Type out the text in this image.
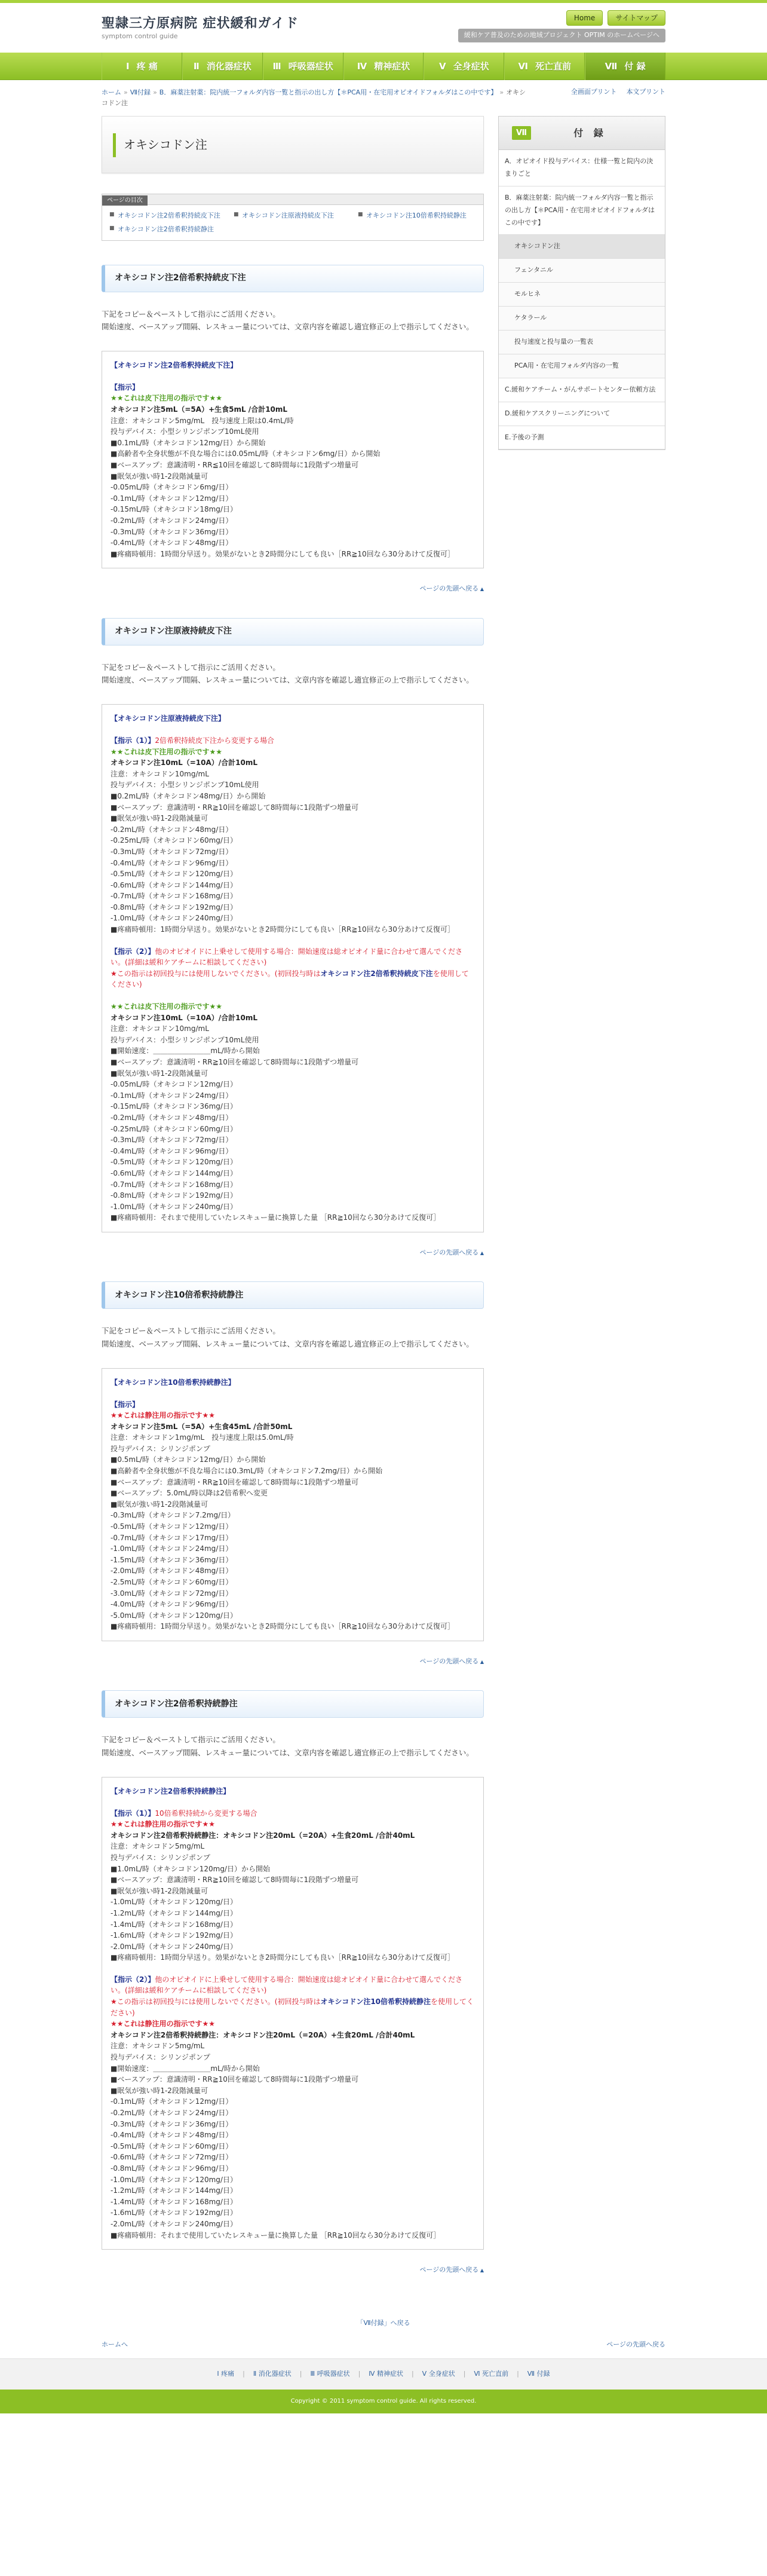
聖隷三方原病院 症状緩和ガイド
symptom control guide
Home	サイトマップ
緩和ケア普及のための地域プロジェクト OPTIM のホームページへ
Ⅰ 疼 痛	Ⅱ 消化器症状 Ⅲ 呼吸器症状	Ⅳ 精神症状	Ⅴ 全身症状	Ⅵ 死亡直前	Ⅶ 付 録
ホーム » Ⅶ付録 » B．麻薬注射薬：院内統一フォルダ内容一覧と指示の出し方【＊PCA用・在宅用オピオイドフォルダはこの中です】 » オキシコドン注
全画面プリント 本文プリント
オキシコドン注
ページの目次
■ オキシコドン注2倍希釈持続皮下注	■ オキシコドン注原液持続皮下注	■ オキシコドン注10倍希釈持続静注
■ オキシコドン注2倍希釈持続静注
オキシコドン注2倍希釈持続皮下注
下記をコピー＆ペーストして指示にご活用ください。
開始速度、ベースアップ間隔、レスキュー量については、文章内容を確認し適宜修正の上で指示してください。
【オキシコドン注2倍希釈持続皮下注】
【指示】
★★これは皮下注用の指示です★★
オキシコドン注5mL（=5A）+生食5mL /合計10mL
注意：オキシコドン5mg/mL　投与速度上限は0.4mL/時
投与デバイス：小型シリンジポンプ10mL使用
■0.1mL/時（オキシコドン12mg/日）から開始
■高齢者や全身状態が不良な場合には0.05mL/時（オキシコドン6mg/日）から開始
■ベースアップ：意識清明・RR≦10回を確認して8時間毎に1段階ずつ増量可
■眠気が強い時1-2段階減量可
-0.05mL/時（オキシコドン6mg/日）
-0.1mL/時（オキシコドン12mg/日）
-0.15mL/時（オキシコドン18mg/日）
-0.2mL/時（オキシコドン24mg/日）
-0.3mL/時（オキシコドン36mg/日）
-0.4mL/時（オキシコドン48mg/日）
■疼痛時頓用：1時間分早送り。効果がないとき2時間分にしても良い［RR≧10回なら30分あけて反復可］
ページの先頭へ戻る ▲
オキシコドン注原液持続皮下注
下記をコピー＆ペーストして指示にご活用ください。
開始速度、ベースアップ間隔、レスキュー量については、文章内容を確認し適宜修正の上で指示してください。
【オキシコドン注原液持続皮下注】
【指示（1）】2倍希釈持続皮下注から変更する場合
★★これは皮下注用の指示です★★
オキシコドン注10mL（=10A）/合計10mL
注意：オキシコドン10mg/mL
投与デバイス：小型シリンジポンプ10mL使用
■0.2mL/時（オキシコドン48mg/日）から開始
■ベースアップ：意識清明・RR≧10回を確認して8時間毎に1段階ずつ増量可
■眠気が強い時1-2段階減量可
-0.2mL/時（オキシコドン48mg/日）
-0.25mL/時（オキシコドン60mg/日）
-0.3mL/時（オキシコドン72mg/日）
-0.4mL/時（オキシコドン96mg/日）
-0.5mL/時（オキシコドン120mg/日）
-0.6mL/時（オキシコドン144mg/日）
-0.7mL/時（オキシコドン168mg/日）
-0.8mL/時（オキシコドン192mg/日）
-1.0mL/時（オキシコドン240mg/日）
■疼痛時頓用：1時間分早送り。効果がないとき2時間分にしても良い［RR≧10回なら30分あけて反復可］
【指示（2）】他のオピオイドに上乗せして使用する場合：開始速度は総オピオイド量に合わせて選んでください。(詳細は緩和ケアチームに相談してください)
★この指示は初回投与には使用しないでください。(初回投与時はオキシコドン注2倍希釈持続皮下注を使用してください)
★★これは皮下注用の指示です★★
オキシコドン注10mL（=10A）/合計10mL
注意：オキシコドン10mg/mL
投与デバイス：小型シリンジポンプ10mL使用
■開始速度：＿＿＿＿＿＿＿＿mL/時から開始
■ベースアップ：意識清明・RR≧10回を確認して8時間毎に1段階ずつ増量可
■眠気が強い時1-2段階減量可
-0.05mL/時（オキシコドン12mg/日）
-0.1mL/時（オキシコドン24mg/日）
-0.15mL/時（オキシコドン36mg/日）
-0.2mL/時（オキシコドン48mg/日）
-0.25mL/時（オキシコドン60mg/日）
-0.3mL/時（オキシコドン72mg/日）
-0.4mL/時（オキシコドン96mg/日）
-0.5mL/時（オキシコドン120mg/日）
-0.6mL/時（オキシコドン144mg/日）
-0.7mL/時（オキシコドン168mg/日）
-0.8mL/時（オキシコドン192mg/日）
-1.0mL/時（オキシコドン240mg/日）
■疼痛時頓用：それまで使用していたレスキュー量に換算した量 ［RR≧10回なら30分あけて反復可］
ページの先頭へ戻る ▲
オキシコドン注10倍希釈持続静注
下記をコピー＆ペーストして指示にご活用ください。
開始速度、ベースアップ間隔、レスキュー量については、文章内容を確認し適宜修正の上で指示してください。
【オキシコドン注10倍希釈持続静注】
【指示】
★★これは静注用の指示です★★
オキシコドン注5mL（=5A）+生食45mL /合計50mL
注意：オキシコドン1mg/mL　投与速度上限は5.0mL/時
投与デバイス：シリンジポンプ
■0.5mL/時（オキシコドン12mg/日）から開始
■高齢者や全身状態が不良な場合には0.3mL/時（オキシコドン7.2mg/日）から開始
■ベースアップ：意識清明・RR≧10回を確認して8時間毎に1段階ずつ増量可
■ベースアップ：5.0mL/時以降は2倍希釈へ変更
■眠気が強い時1-2段階減量可
-0.3mL/時（オキシコドン7.2mg/日）
-0.5mL/時（オキシコドン12mg/日）
-0.7mL/時（オキシコドン17mg/日）
-1.0mL/時（オキシコドン24mg/日）
-1.5mL/時（オキシコドン36mg/日）
-2.0mL/時（オキシコドン48mg/日）
-2.5mL/時（オキシコドン60mg/日）
-3.0mL/時（オキシコドン72mg/日）
-4.0mL/時（オキシコドン96mg/日）
-5.0mL/時（オキシコドン120mg/日）
■疼痛時頓用：1時間分早送り。効果がないとき2時間分にしても良い［RR≧10回なら30分あけて反復可］
ページの先頭へ戻る ▲
オキシコドン注2倍希釈持続静注
下記をコピー＆ペーストして指示にご活用ください。
開始速度、ベースアップ間隔、レスキュー量については、文章内容を確認し適宜修正の上で指示してください。
【オキシコドン注2倍希釈持続静注】
【指示（1）】10倍希釈持続から変更する場合
★★これは静注用の指示です★★
オキシコドン注2倍希釈持続静注：オキシコドン注20mL（=20A）+生食20mL /合計40mL
注意：オキシコドン5mg/mL
投与デバイス：シリンジポンプ
■1.0mL/時（オキシコドン120mg/日）から開始
■ベースアップ：意識清明・RR≧10回を確認して8時間毎に1段階ずつ増量可
■眠気が強い時1-2段階減量可
-1.0mL/時（オキシコドン120mg/日）
-1.2mL/時（オキシコドン144mg/日）
-1.4mL/時（オキシコドン168mg/日）
-1.6mL/時（オキシコドン192mg/日）
-2.0mL/時（オキシコドン240mg/日）
■疼痛時頓用：1時間分早送り。効果がないとき2時間分にしても良い［RR≧10回なら30分あけて反復可］
【指示（2）】他のオピオイドに上乗せして使用する場合：開始速度は総オピオイド量に合わせて選んでください。(詳細は緩和ケアチームに相談してください)
★この指示は初回投与には使用しないでください。(初回投与時はオキシコドン注10倍希釈持続静注を使用してください)
★★これは静注用の指示です★★
オキシコドン注2倍希釈持続静注：オキシコドン注20mL（=20A）+生食20mL /合計40mL
注意：オキシコドン5mg/mL
投与デバイス：シリンジポンプ
■開始速度：＿＿＿＿＿＿＿＿mL/時から開始
■ベースアップ：意識清明・RR≧10回を確認して8時間毎に1段階ずつ増量可
■眠気が強い時1-2段階減量可
-0.1mL/時（オキシコドン12mg/日）
-0.2mL/時（オキシコドン24mg/日）
-0.3mL/時（オキシコドン36mg/日）
-0.4mL/時（オキシコドン48mg/日）
-0.5mL/時（オキシコドン60mg/日）
-0.6mL/時（オキシコドン72mg/日）
-0.8mL/時（オキシコドン96mg/日）
-1.0mL/時（オキシコドン120mg/日）
-1.2mL/時（オキシコドン144mg/日）
-1.4mL/時（オキシコドン168mg/日）
-1.6mL/時（オキシコドン192mg/日）
-2.0mL/時（オキシコドン240mg/日）
■疼痛時頓用：それまで使用していたレスキュー量に換算した量 ［RR≧10回なら30分あけて反復可］
ページの先頭へ戻る ▲
Ⅶ	付 録
A．オピオイド投与デバイス：仕様一覧と院内の決まりごと
B．麻薬注射薬：院内統一フォルダ内容一覧と指示の出し方【＊PCA用・在宅用オピオイドフォルダはこの中です】
オキシコドン注
フェンタニル
モルヒネ
ケタラール
投与速度と投与量の一覧表
PCA用・在宅用フォルダ内容の一覧
C.緩和ケアチーム・がんサポートセンター依頼方法
D.緩和ケアスクリーニングについて
E.予後の予測
「Ⅶ付録」へ戻る
ホームへ	ページの先頭へ戻る
Ⅰ 疼痛 | Ⅱ 消化器症状 | Ⅲ 呼吸器症状 | Ⅳ 精神症状 | Ⅴ 全身症状 | Ⅵ 死亡直前 | Ⅶ 付録
Copyright © 2011 symptom control guide. All rights reserved.
